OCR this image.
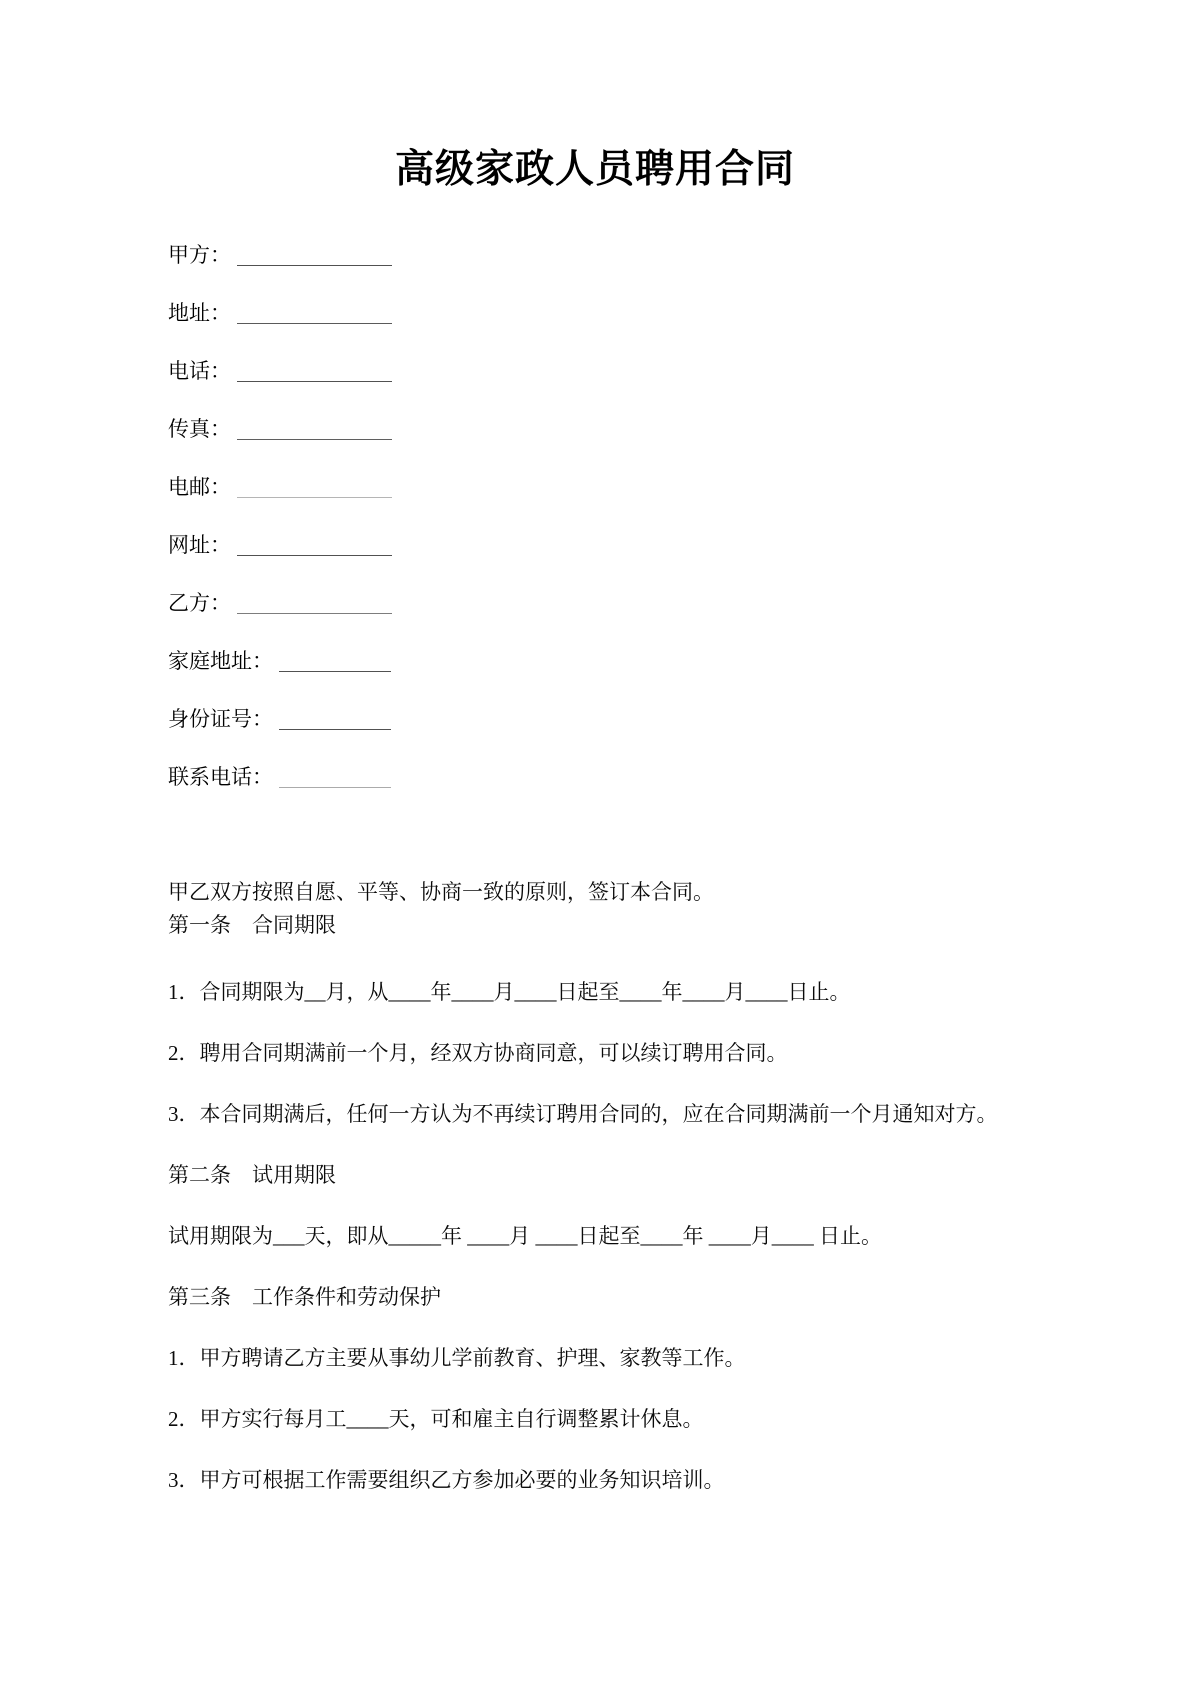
高级家政人员聘用合同
甲方：
地址：
电话：
传真：
电邮：
网址：
乙方：
家庭地址：
身份证号：
联系电话：

甲乙双方按照自愿、平等、协商一致的原则，签订本合同。

第一条　合同期限

1．合同期限为__月，从____年____月____日起至____年____月____日止。

2．聘用合同期满前一个月，经双方协商同意，可以续订聘用合同。

3．本合同期满后，任何一方认为不再续订聘用合同的，应在合同期满前一个月通知对方。

第二条　试用期限

试用期限为___天，即从_____年 ____月 ____日起至____年 ____月____ 日止。

第三条　工作条件和劳动保护

1．甲方聘请乙方主要从事幼儿学前教育、护理、家教等工作。

2．甲方实行每月工____天，可和雇主自行调整累计休息。

3．甲方可根据工作需要组织乙方参加必要的业务知识培训。
